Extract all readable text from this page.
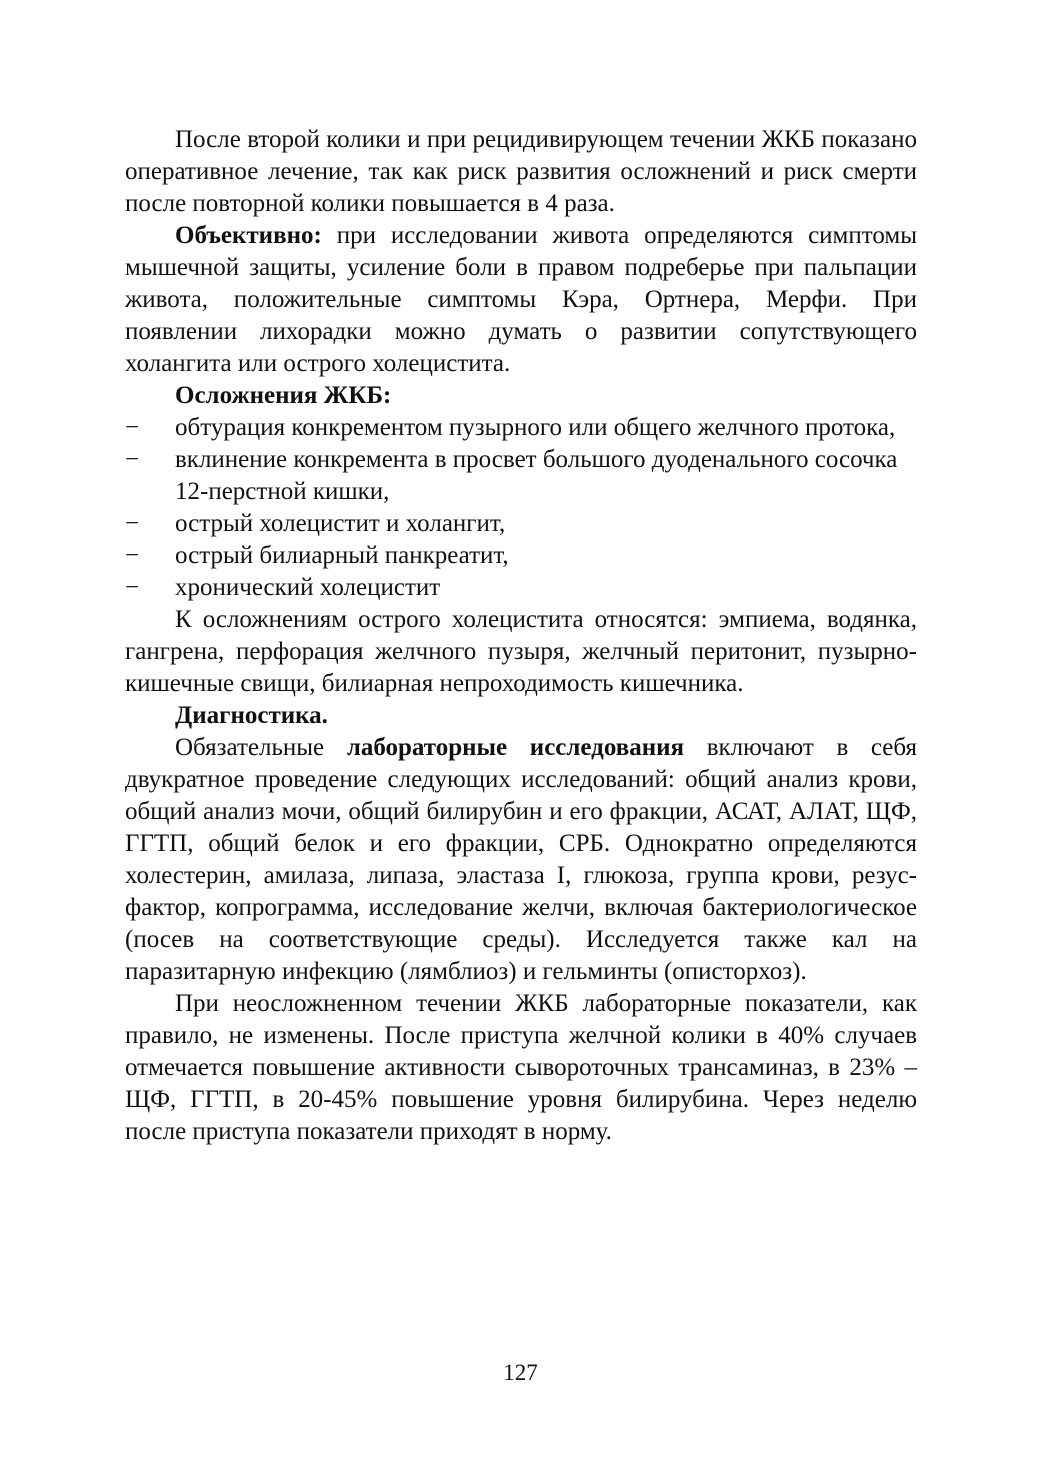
После второй колики и при рецидивирующем течении ЖКБ показано оперативное лечение, так как риск развития осложнений и риск смерти после повторной колики повышается в 4 раза.

Объективно: при исследовании живота определяются симптомы мышечной защиты, усиление боли в правом подреберье при пальпации живота, положительные симптомы Кэра, Ортнера, Мерфи. При появлении лихорадки можно думать о развитии сопутствующего холангита или острого холецистита.

Осложнения ЖКБ:
− обтурация конкрементом пузырного или общего желчного протока,
− вклинение конкремента в просвет большого дуоденального сосочка 12-перстной кишки,
− острый холецистит и холангит,
− острый билиарный панкреатит,
− хронический холецистит

К осложнениям острого холецистита относятся: эмпиема, водянка, гангрена, перфорация желчного пузыря, желчный перитонит, пузырно-кишечные свищи, билиарная непроходимость кишечника.

Диагностика.

Обязательные лабораторные исследования включают в себя двукратное проведение следующих исследований: общий анализ крови, общий анализ мочи, общий билирубин и его фракции, АСАТ, АЛАТ, ЩФ, ГГТП, общий белок и его фракции, СРБ. Однократно определяются холестерин, амилаза, липаза, эластаза I, глюкоза, группа крови, резус-фактор, копрограмма, исследование желчи, включая бактериологическое (посев на соответствующие среды). Исследуется также кал на паразитарную инфекцию (лямблиоз) и гельминты (описторхоз).

При неосложненном течении ЖКБ лабораторные показатели, как правило, не изменены. После приступа желчной колики в 40% случаев отмечается повышение активности сывороточных трансаминаз, в 23% – ЩФ, ГГТП, в 20-45% повышение уровня билирубина. Через неделю после приступа показатели приходят в норму.

127
